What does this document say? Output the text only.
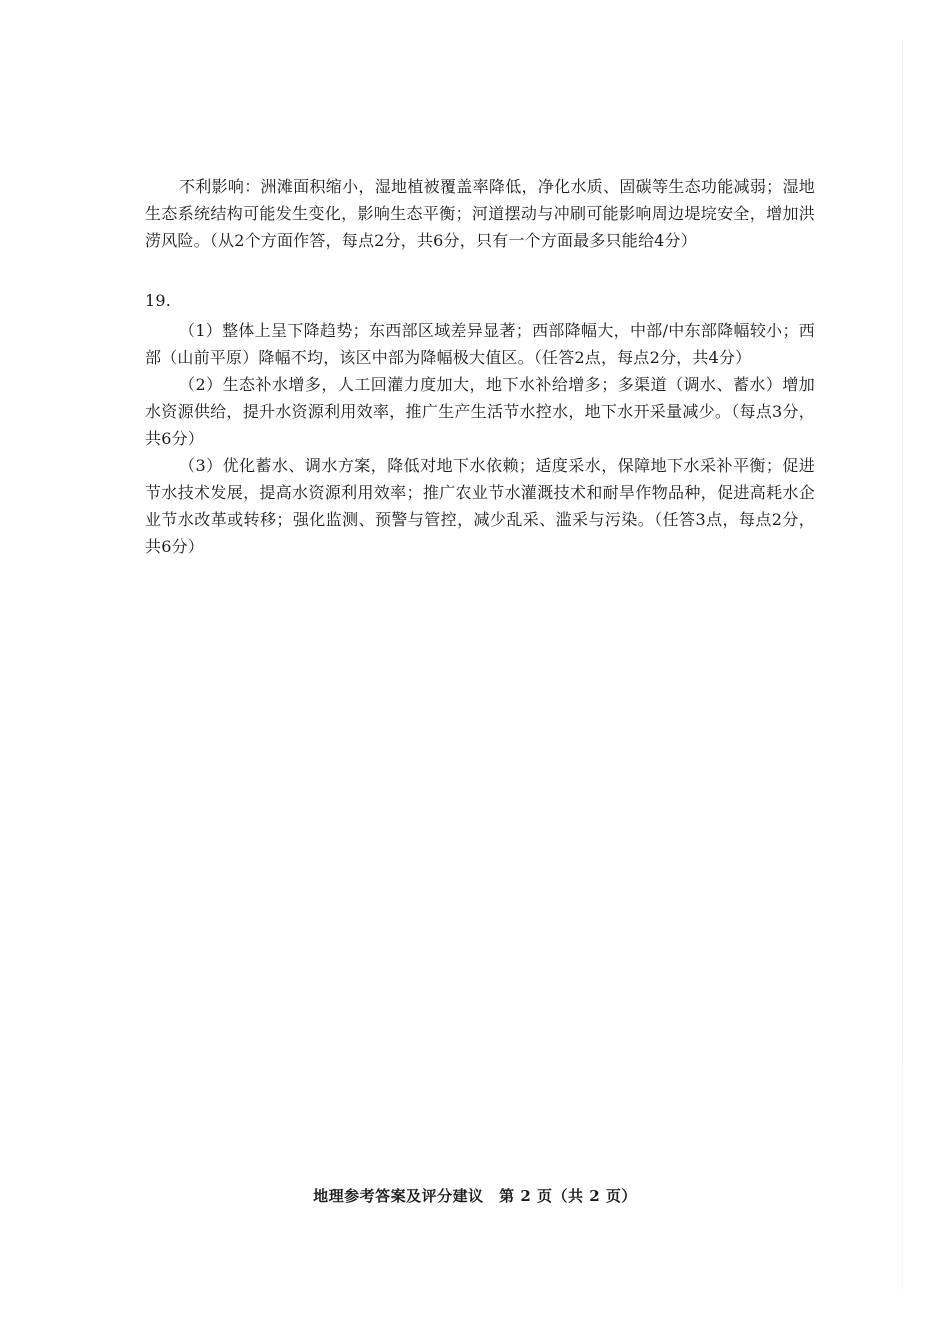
不利影响：洲滩面积缩小，湿地植被覆盖率降低，净化水质、固碳等生态功能减弱；湿地生态系统结构可能发生变化，影响生态平衡；河道摆动与冲刷可能影响周边堤垸安全，增加洪涝风险。（从2个方面作答，每点2分，共6分，只有一个方面最多只能给4分）

19.

（1）整体上呈下降趋势；东西部区域差异显著；西部降幅大，中部/中东部降幅较小；西部（山前平原）降幅不均，该区中部为降幅极大值区。（任答2点，每点2分，共4分）

（2）生态补水增多，人工回灌力度加大，地下水补给增多；多渠道（调水、蓄水）增加水资源供给，提升水资源利用效率，推广生产生活节水控水，地下水开采量减少。（每点3分，共6分）

（3）优化蓄水、调水方案，降低对地下水依赖；适度采水，保障地下水采补平衡；促进节水技术发展，提高水资源利用效率；推广农业节水灌溉技术和耐旱作物品种，促进高耗水企业节水改革或转移；强化监测、预警与管控，减少乱采、滥采与污染。（任答3点，每点2分，共6分）

地理参考答案及评分建议　第 2 页（共 2 页）
